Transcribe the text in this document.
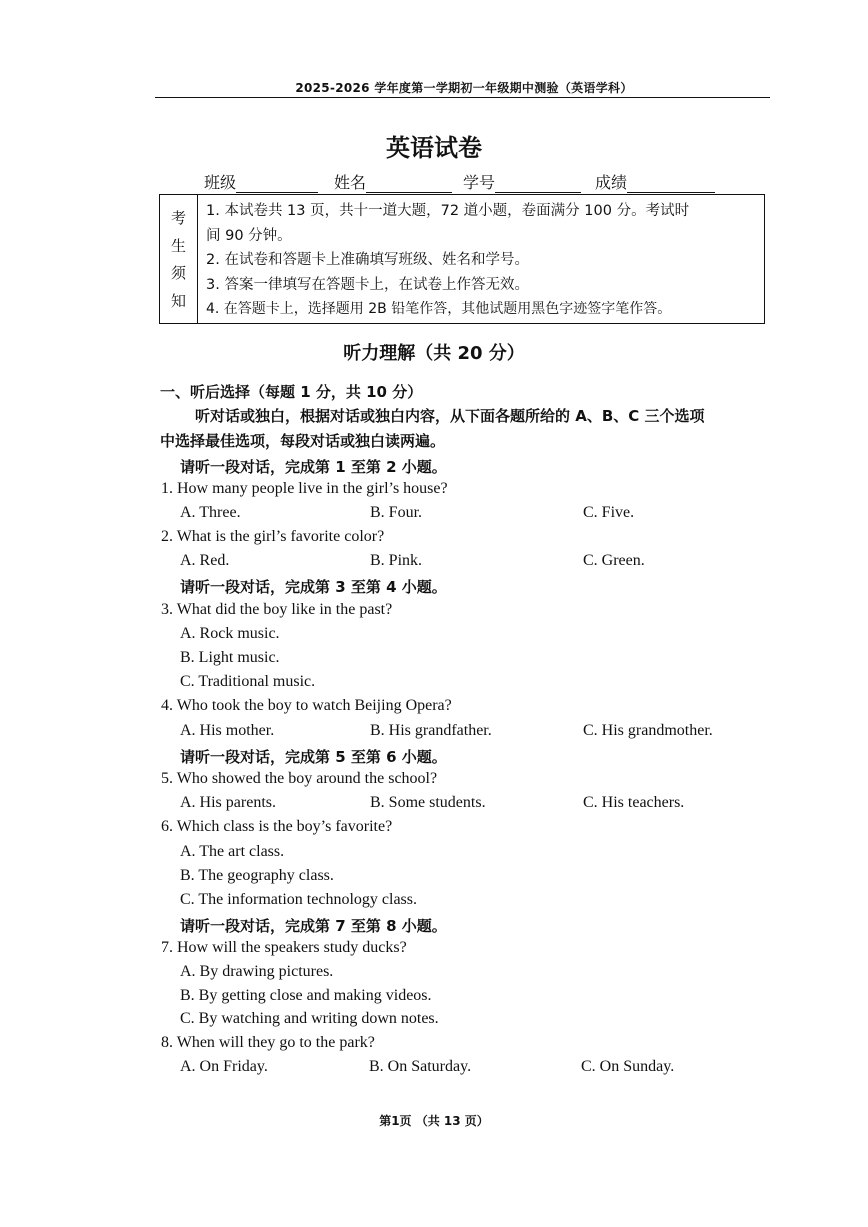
2025-2026 学年度第一学期初一年级期中测验（英语学科）
英语试卷
班级	姓名	学号	成绩
考
生
须
知
1. 本试卷共 13 页，共十一道大题，72 道小题，卷面满分 100 分。考试时
间 90 分钟。
2. 在试卷和答题卡上准确填写班级、姓名和学号。
3. 答案一律填写在答题卡上，在试卷上作答无效。
4. 在答题卡上，选择题用 2B 铅笔作答，其他试题用黑色字迹签字笔作答。
听力理解（共 20 分）
一、听后选择（每题 1 分，共 10 分）
听对话或独白，根据对话或独白内容，从下面各题所给的 A、B、C 三个选项
中选择最佳选项，每段对话或独白读两遍。
请听一段对话，完成第 1 至第 2 小题。
1. How many people live in the girl’s house?
A. Three.	B. Four.	C. Five.
2. What is the girl’s favorite color?
A. Red.	B. Pink.	C. Green.
请听一段对话，完成第 3 至第 4 小题。
3. What did the boy like in the past?
A. Rock music.
B. Light music.
C. Traditional music.
4. Who took the boy to watch Beijing Opera?
A. His mother.	B. His grandfather.	C. His grandmother.
请听一段对话，完成第 5 至第 6 小题。
5. Who showed the boy around the school?
A. His parents.	B. Some students.	C. His teachers.
6. Which class is the boy’s favorite?
A. The art class.
B. The geography class.
C. The information technology class.
请听一段对话，完成第 7 至第 8 小题。
7. How will the speakers study ducks?
A. By drawing pictures.
B. By getting close and making videos.
C. By watching and writing down notes.
8. When will they go to the park?
A. On Friday.	B. On Saturday.	C. On Sunday.
第1页 （共 13 页）
